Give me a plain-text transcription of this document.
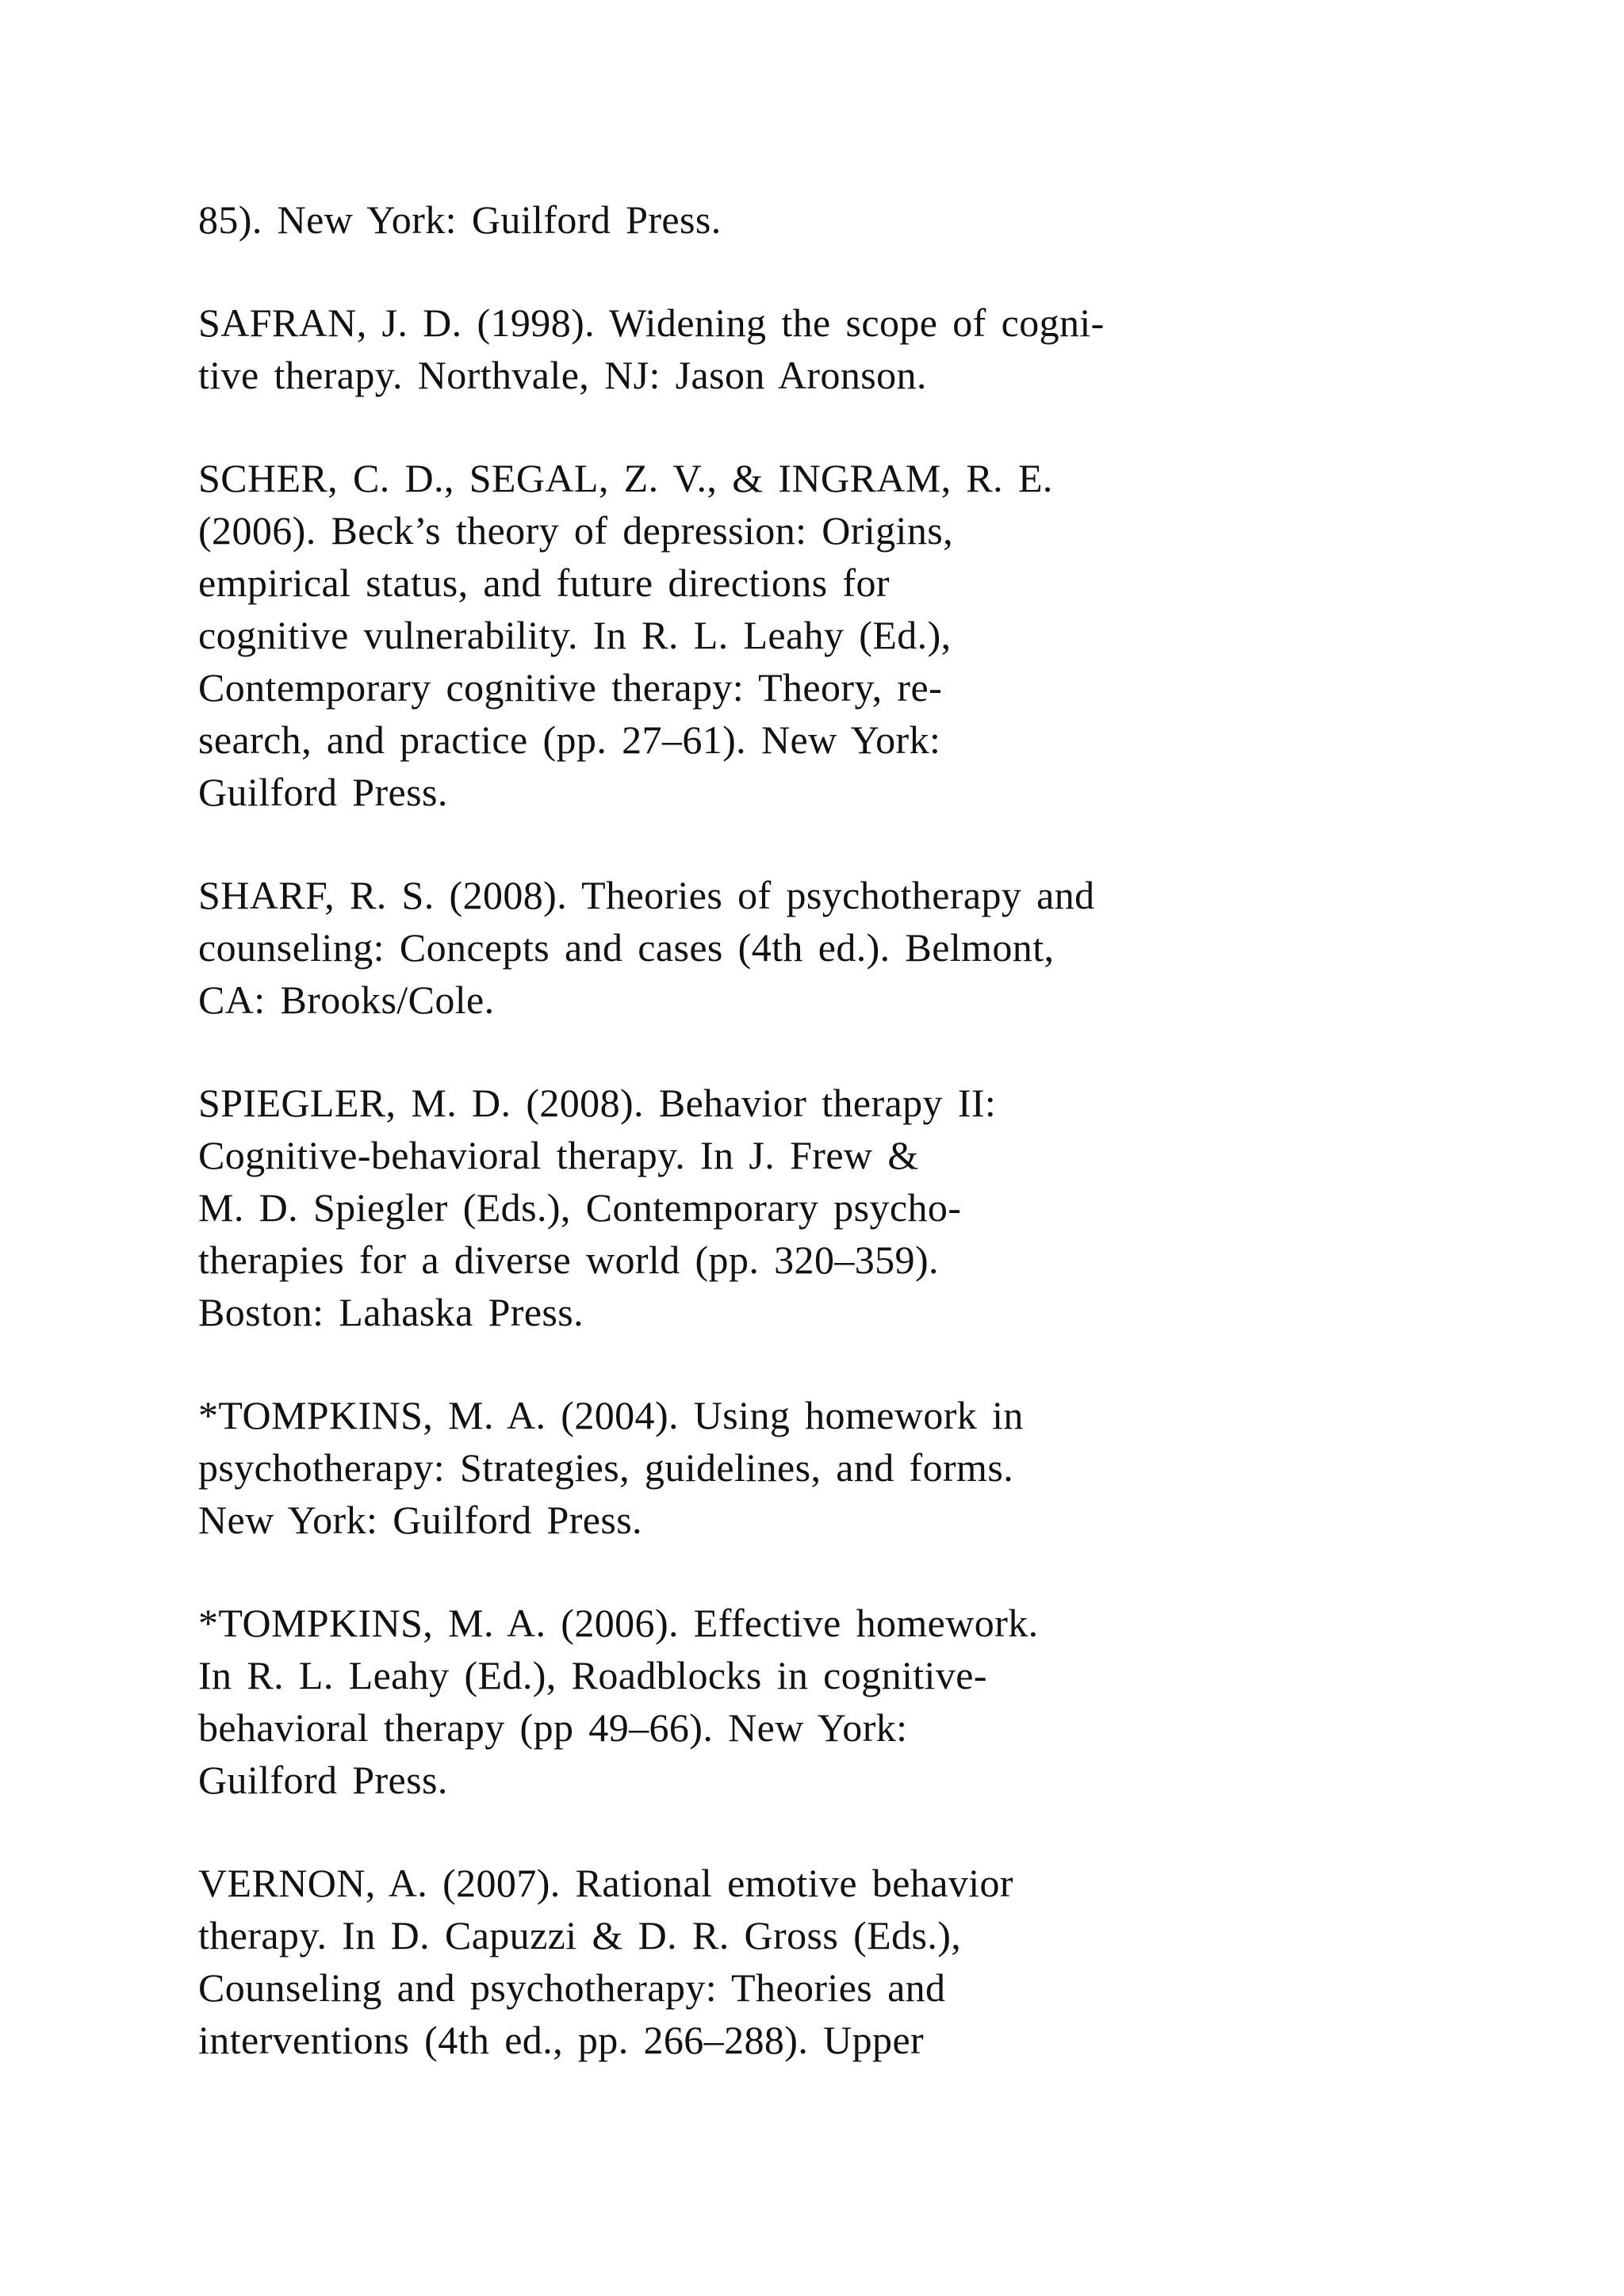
85). New York: Guilford Press.
SAFRAN, J. D. (1998). Widening the scope of cogni-
tive therapy. Northvale, NJ: Jason Aronson.
SCHER, C. D., SEGAL, Z. V., & INGRAM, R. E.
(2006). Beck’s theory of depression: Origins,
empirical status, and future directions for
cognitive vulnerability. In R. L. Leahy (Ed.),
Contemporary cognitive therapy: Theory, re-
search, and practice (pp. 27–61). New York:
Guilford Press.
SHARF, R. S. (2008). Theories of psychotherapy and
counseling: Concepts and cases (4th ed.). Belmont,
CA: Brooks/Cole.
SPIEGLER, M. D. (2008). Behavior therapy II:
Cognitive-behavioral therapy. In J. Frew &
M. D. Spiegler (Eds.), Contemporary psycho-
therapies for a diverse world (pp. 320–359).
Boston: Lahaska Press.
*TOMPKINS, M. A. (2004). Using homework in
psychotherapy: Strategies, guidelines, and forms.
New York: Guilford Press.
*TOMPKINS, M. A. (2006). Effective homework.
In R. L. Leahy (Ed.), Roadblocks in cognitive-
behavioral therapy (pp 49–66). New York:
Guilford Press.
VERNON, A. (2007). Rational emotive behavior
therapy. In D. Capuzzi & D. R. Gross (Eds.),
Counseling and psychotherapy: Theories and
interventions (4th ed., pp. 266–288). Upper
